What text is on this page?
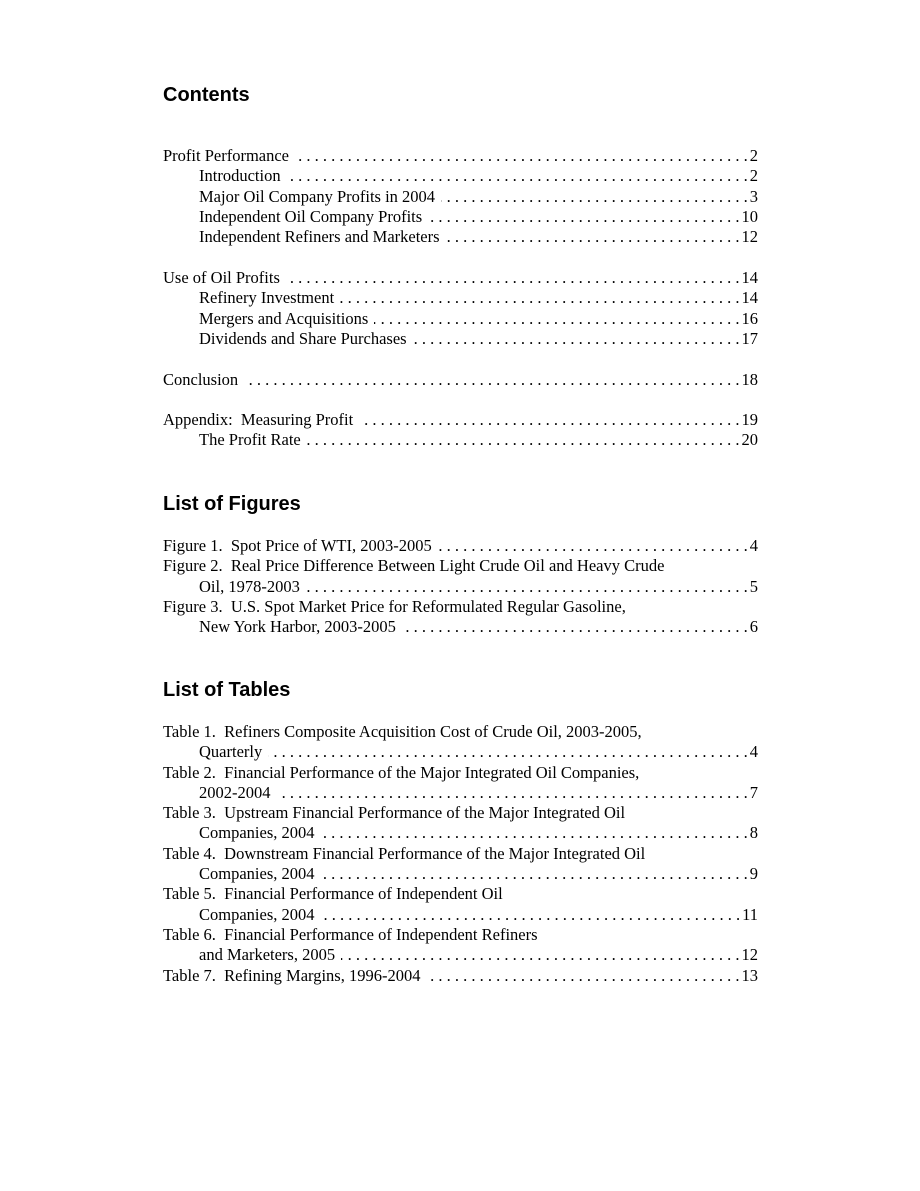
Contents
Profit Performance . . .	2
Introduction . . .	2
Major Oil Company Profits in 2004 . . .	3
Independent Oil Company Profits . . .	10
Independent Refiners and Marketers . . .	12
Use of Oil Profits . . .	14
Refinery Investment . . .	14
Mergers and Acquisitions . . .	16
Dividends and Share Purchases . . .	17
Conclusion . . .	18
Appendix:  Measuring Profit . . .	19
The Profit Rate . . .	20
List of Figures
Figure 1.  Spot Price of WTI, 2003-2005 . . .	4
Figure 2.  Real Price Difference Between Light Crude Oil and Heavy Crude
Oil, 1978-2003 . . .	5
Figure 3.  U.S. Spot Market Price for Reformulated Regular Gasoline,
New York Harbor, 2003-2005 . . .	6
List of Tables
Table 1.  Refiners Composite Acquisition Cost of Crude Oil, 2003-2005,
Quarterly . . .	4
Table 2.  Financial Performance of the Major Integrated Oil Companies,
2002-2004 . . .	7
Table 3.  Upstream Financial Performance of the Major Integrated Oil
Companies, 2004 . . .	8
Table 4.  Downstream Financial Performance of the Major Integrated Oil
Companies, 2004 . . .	9
Table 5.  Financial Performance of Independent Oil
Companies, 2004 . . .	11
Table 6.  Financial Performance of Independent Refiners
and Marketers, 2005 . . .	12
Table 7.  Refining Margins, 1996-2004 . . .	13
